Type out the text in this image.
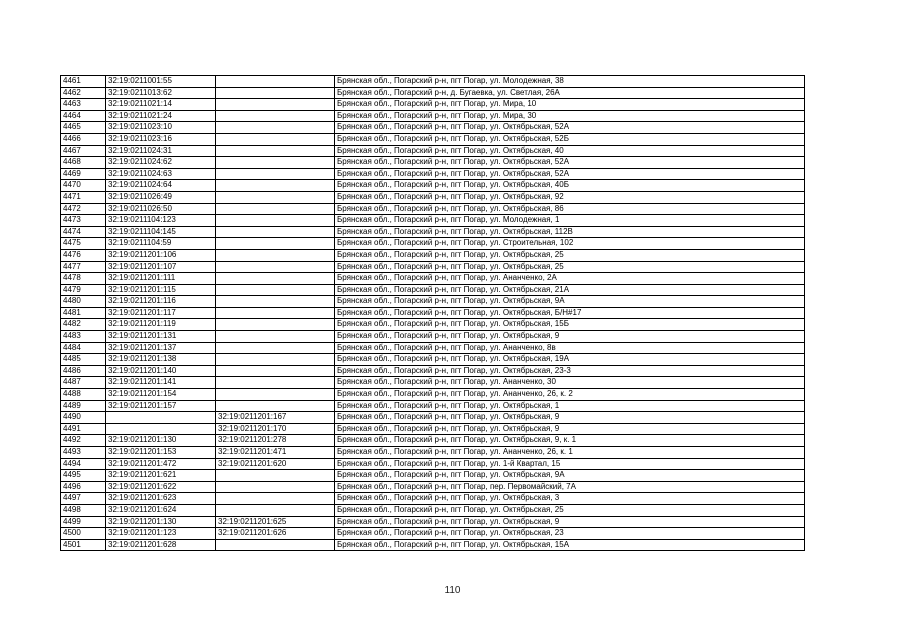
4461	32:19:0211001:55		Брянская обл., Погарский р-н, пгт Погар, ул. Молодежная, 38
4462	32:19:0211013:62		Брянская обл., Погарский р-н, д. Бугаевка, ул. Светлая, 26А
4463	32:19:0211021:14		Брянская обл., Погарский р-н, пгт Погар, ул. Мира, 10
4464	32:19:0211021:24		Брянская обл., Погарский р-н, пгт Погар, ул. Мира, 30
4465	32:19:0211023:10		Брянская обл., Погарский р-н, пгт Погар, ул. Октябрьская, 52А
4466	32:19:0211023:16		Брянская обл., Погарский р-н, пгт Погар, ул. Октябрьская, 52Б
4467	32:19:0211024:31		Брянская обл., Погарский р-н, пгт Погар, ул. Октябрьская, 40
4468	32:19:0211024:62		Брянская обл., Погарский р-н, пгт Погар, ул. Октябрьская, 52А
4469	32:19:0211024:63		Брянская обл., Погарский р-н, пгт Погар, ул. Октябрьская, 52А
4470	32:19:0211024:64		Брянская обл., Погарский р-н, пгт Погар, ул. Октябрьская, 40Б
4471	32:19:0211026:49		Брянская обл., Погарский р-н, пгт Погар, ул. Октябрьская, 92
4472	32:19:0211026:50		Брянская обл., Погарский р-н, пгт Погар, ул. Октябрьская, 86
4473	32:19:0211104:123		Брянская обл., Погарский р-н, пгт Погар, ул. Молодежная, 1
4474	32:19:0211104:145		Брянская обл., Погарский р-н, пгт Погар, ул. Октябрьская, 112В
4475	32:19:0211104:59		Брянская обл., Погарский р-н, пгт Погар, ул. Строительная, 102
4476	32:19:0211201:106		Брянская обл., Погарский р-н, пгт Погар, ул. Октябрьская, 25
4477	32:19:0211201:107		Брянская обл., Погарский р-н, пгт Погар, ул. Октябрьская, 25
4478	32:19:0211201:111		Брянская обл., Погарский р-н, пгт Погар, ул. Ананченко, 2А
4479	32:19:0211201:115		Брянская обл., Погарский р-н, пгт Погар, ул. Октябрьская, 21А
4480	32:19:0211201:116		Брянская обл., Погарский р-н, пгт Погар, ул. Октябрьская, 9А
4481	32:19:0211201:117		Брянская обл., Погарский р-н, пгт Погар, ул. Октябрьская, Б/Н#17
4482	32:19:0211201:119		Брянская обл., Погарский р-н, пгт Погар, ул. Октябрьская, 15Б
4483	32:19:0211201:131		Брянская обл., Погарский р-н, пгт Погар, ул. Октябрьская, 9
4484	32:19:0211201:137		Брянская обл., Погарский р-н, пгт Погар, ул. Ананченко, 8в
4485	32:19:0211201:138		Брянская обл., Погарский р-н, пгт Погар, ул. Октябрьская, 19А
4486	32:19:0211201:140		Брянская обл., Погарский р-н, пгт Погар, ул. Октябрьская, 23-3
4487	32:19:0211201:141		Брянская обл., Погарский р-н, пгт Погар, ул. Ананченко, 30
4488	32:19:0211201:154		Брянская обл., Погарский р-н, пгт Погар, ул. Ананченко, 26, к. 2
4489	32:19:0211201:157		Брянская обл., Погарский р-н, пгт Погар, ул. Октябрьская, 1
4490		32:19:0211201:167	Брянская обл., Погарский р-н, пгт Погар, ул. Октябрьская, 9
4491		32:19:0211201:170	Брянская обл., Погарский р-н, пгт Погар, ул. Октябрьская, 9
4492	32:19:0211201:130	32:19:0211201:278	Брянская обл., Погарский р-н, пгт Погар, ул. Октябрьская, 9, к. 1
4493	32:19:0211201:153	32:19:0211201:471	Брянская обл., Погарский р-н, пгт Погар, ул. Ананченко, 26, к. 1
4494	32:19:0211201:472	32:19:0211201:620	Брянская обл., Погарский р-н, пгт Погар, ул. 1-й Квартал, 15
4495	32:19:0211201:621		Брянская обл., Погарский р-н, пгт Погар, ул. Октябрьская, 9А
4496	32:19:0211201:622		Брянская обл., Погарский р-н, пгт Погар, пер. Первомайский, 7А
4497	32:19:0211201:623		Брянская обл., Погарский р-н, пгт Погар, ул. Октябрьская, 3
4498	32:19:0211201:624		Брянская обл., Погарский р-н, пгт Погар, ул. Октябрьская, 25
4499	32:19:0211201:130	32:19:0211201:625	Брянская обл., Погарский р-н, пгт Погар, ул. Октябрьская, 9
4500	32:19:0211201:123	32:19:0211201:626	Брянская обл., Погарский р-н, пгт Погар, ул. Октябрьская, 23
4501	32:19:0211201:628		Брянская обл., Погарский р-н, пгт Погар, ул. Октябрьская, 15А
110
